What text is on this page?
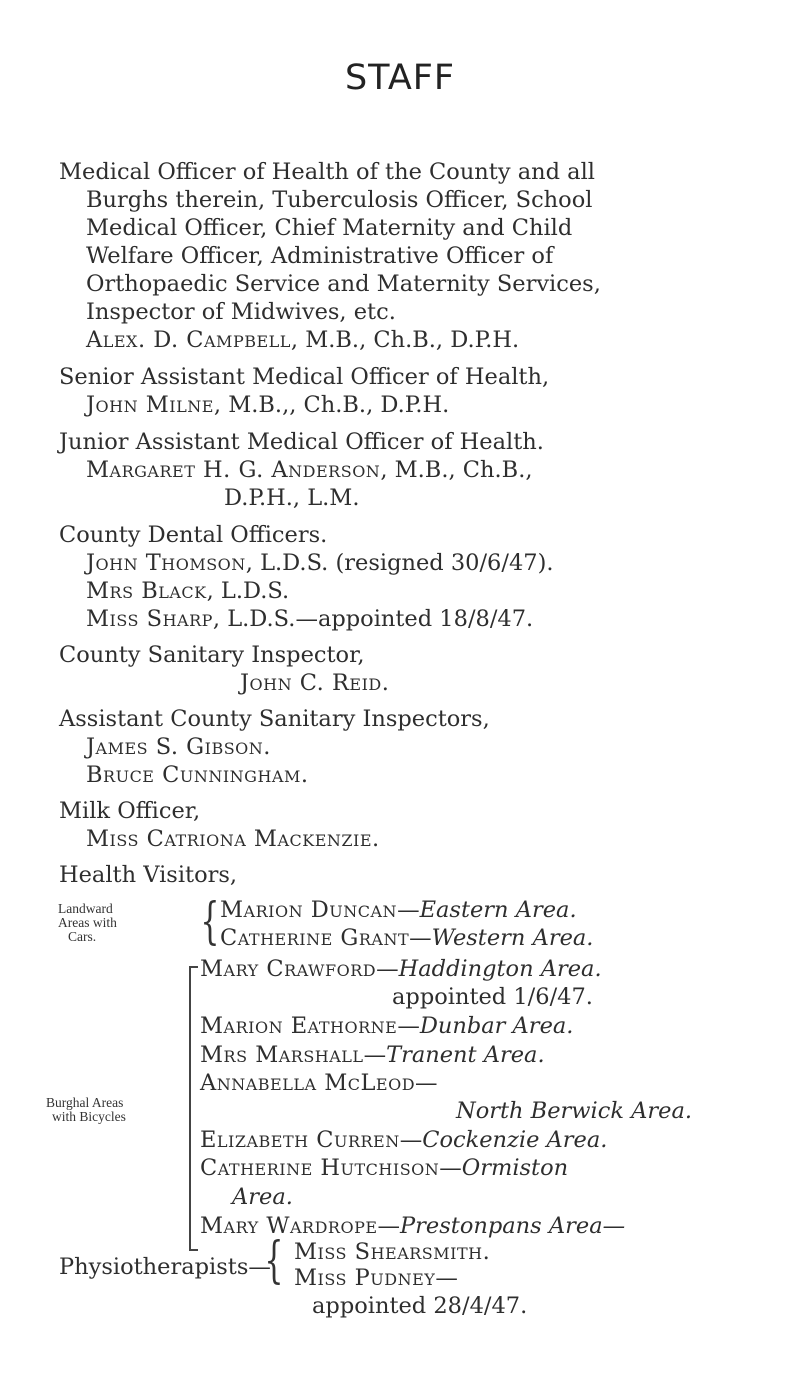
STAFF
Medical Officer of Health of the County and all
Burghs therein, Tuberculosis Officer, School
Medical Officer, Chief Maternity and Child
Welfare Officer, Administrative Officer of
Orthopaedic Service and Maternity Services,
Inspector of Midwives, etc.
Alex. D. Campbell, M.B., Ch.B., D.P.H.
Senior Assistant Medical Officer of Health,
John Milne, M.B.,, Ch.B., D.P.H.
Junior Assistant Medical Officer of Health.
Margaret H. G. Anderson, M.B., Ch.B.,
D.P.H., L.M.
County Dental Officers.
John Thomson, L.D.S. (resigned 30/6/47).
Mrs Black, L.D.S.
Miss Sharp, L.D.S.—appointed 18/8/47.
County Sanitary Inspector,
John C. Reid.
Assistant County Sanitary Inspectors,
James S. Gibson.
Bruce Cunningham.
Milk Officer,
Miss Catriona Mackenzie.
Health Visitors,
Landward
Areas with
Cars. { Marion Duncan—Eastern Area.
Catherine Grant—Western Area.
Burghal Areas
with Bicycles
Mary Crawford—Haddington Area.
appointed 1/6/47.
Marion Eathorne—Dunbar Area.
Mrs Marshall—Tranent Area.
Annabella McLeod—
North Berwick Area.
Elizabeth Curren—Cockenzie Area.
Catherine Hutchison—Ormiston
Area.
Mary Wardrope—Prestonpans Area—
Physiotherapists—
{ Miss Shearsmith.
Miss Pudney—
appointed 28/4/47.
